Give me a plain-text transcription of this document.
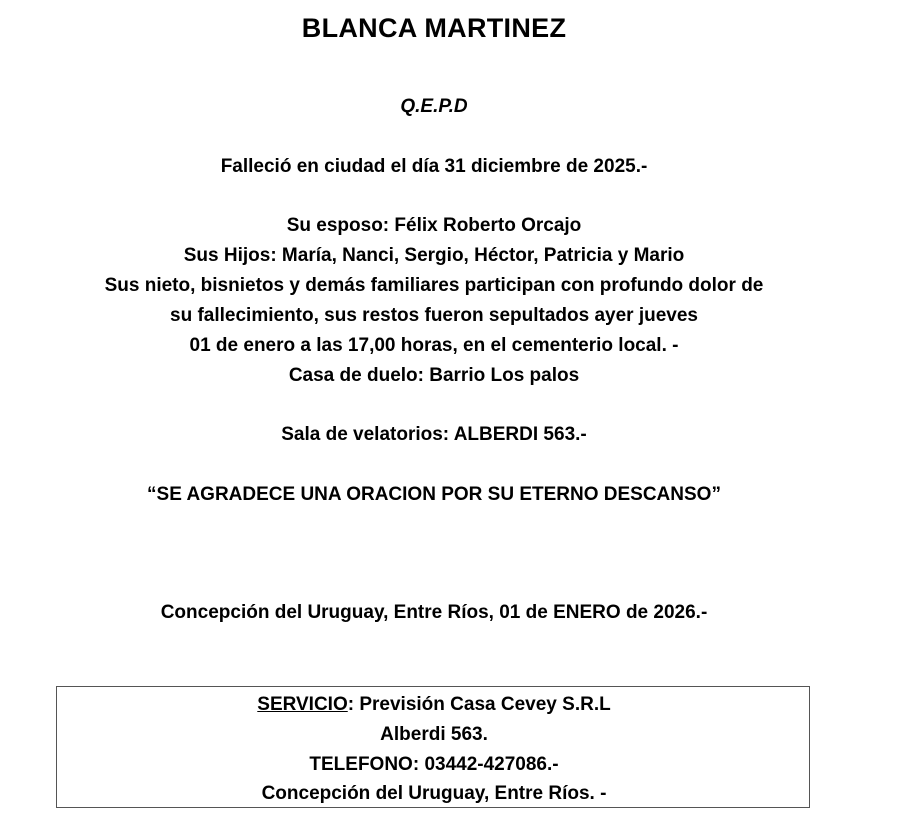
BLANCA MARTINEZ
Q.E.P.D
Falleció en ciudad el día 31 diciembre de 2025.-
Su esposo: Félix Roberto Orcajo
Sus Hijos: María, Nanci, Sergio, Héctor, Patricia y Mario
Sus nieto, bisnietos y demás familiares participan con profundo dolor de
su fallecimiento, sus restos fueron sepultados ayer jueves
01 de enero a las 17,00 horas, en el cementerio local. -
Casa de duelo: Barrio Los palos
Sala de velatorios: ALBERDI 563.-
“SE AGRADECE UNA ORACION POR SU ETERNO DESCANSO”
Concepción del Uruguay, Entre Ríos, 01 de ENERO de 2026.-
SERVICIO: Previsión Casa Cevey S.R.L
Alberdi 563.
TELEFONO: 03442-427086.-
Concepción del Uruguay, Entre Ríos. -
